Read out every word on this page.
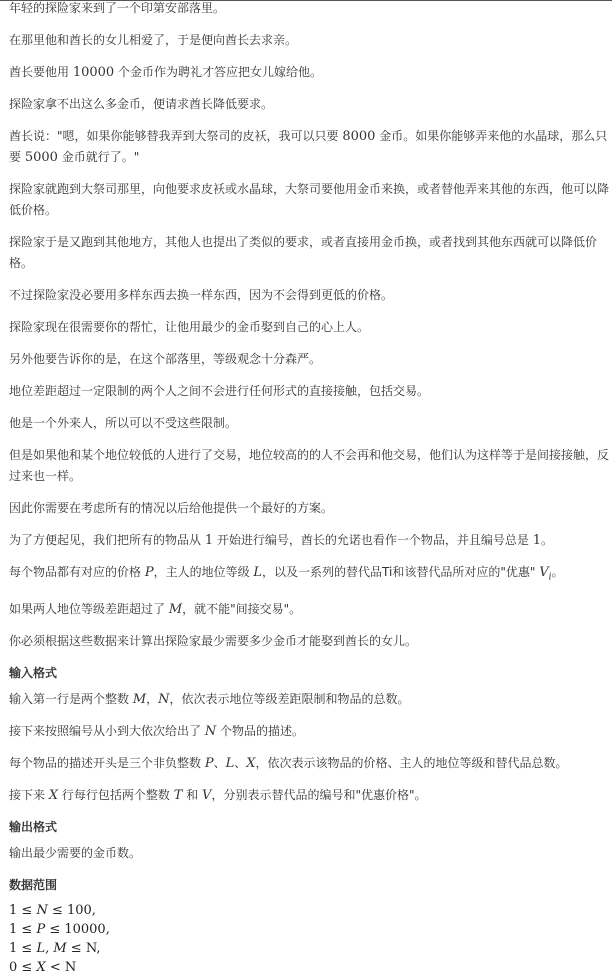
年轻的探险家来到了一个印第安部落里。

在那里他和酋长的女儿相爱了，于是便向酋长去求亲。

酋长要他用 10000 个金币作为聘礼才答应把女儿嫁给他。

探险家拿不出这么多金币，便请求酋长降低要求。

酋长说："嗯，如果你能够替我弄到大祭司的皮袄，我可以只要 8000 金币。如果你能够弄来他的水晶球，那么只要 5000 金币就行了。"

探险家就跑到大祭司那里，向他要求皮袄或水晶球，大祭司要他用金币来换，或者替他弄来其他的东西，他可以降低价格。

探险家于是又跑到其他地方，其他人也提出了类似的要求，或者直接用金币换，或者找到其他东西就可以降低价格。

不过探险家没必要用多样东西去换一样东西，因为不会得到更低的价格。

探险家现在很需要你的帮忙，让他用最少的金币娶到自己的心上人。

另外他要告诉你的是，在这个部落里，等级观念十分森严。

地位差距超过一定限制的两个人之间不会进行任何形式的直接接触，包括交易。

他是一个外来人，所以可以不受这些限制。

但是如果他和某个地位较低的人进行了交易，地位较高的的人不会再和他交易，他们认为这样等于是间接接触，反过来也一样。

因此你需要在考虑所有的情况以后给他提供一个最好的方案。

为了方便起见，我们把所有的物品从 1 开始进行编号，酋长的允诺也看作一个物品，并且编号总是 1。

每个物品都有对应的价格 P，主人的地位等级 L，以及一系列的替代品Ti和该替代品所对应的"优惠" $V_i$。

如果两人地位等级差距超过了 M，就不能"间接交易"。

你必须根据这些数据来计算出探险家最少需要多少金币才能娶到酋长的女儿。

输入格式

输入第一行是两个整数 M，N，依次表示地位等级差距限制和物品的总数。

接下来按照编号从小到大依次给出了 N 个物品的描述。

每个物品的描述开头是三个非负整数 P、L、X，依次表示该物品的价格、主人的地位等级和替代品总数。

接下来 X 行每行包括两个整数 T 和 V，分别表示替代品的编号和"优惠价格"。

输出格式

输出最少需要的金币数。

数据范围
1 ≤ N ≤ 100,
1 ≤ P ≤ 10000,
1 ≤ L, M ≤ N,
0 ≤ X < N
